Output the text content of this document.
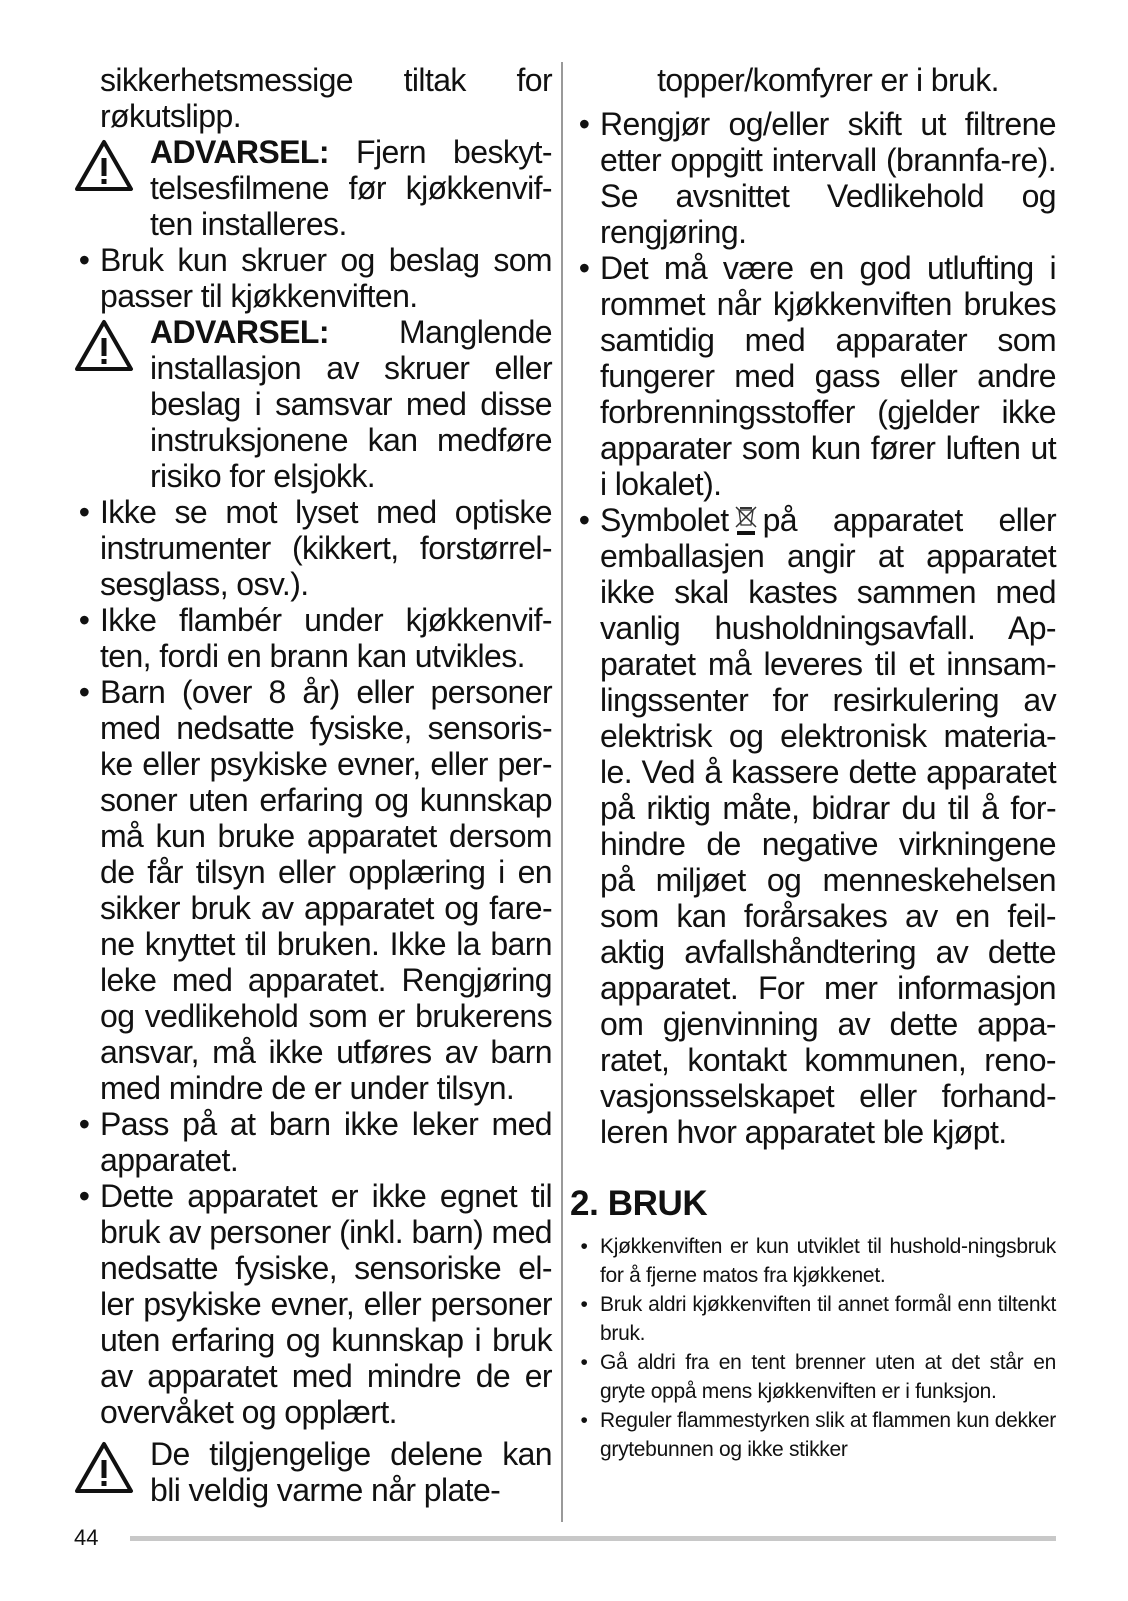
sikkerhetsmessige tiltak for røkutslipp.

ADVARSEL: Fjern beskyt-telsesfilmene før kjøkkenvif-ten installeres.

• Bruk kun skruer og beslag som passer til kjøkkenviften.

ADVARSEL: Manglende installasjon av skruer eller beslag i samsvar med disse instruksjonene kan medføre risiko for elsjokk.

• Ikke se mot lyset med optiske instrumenter (kikkert, forstørrel-sesglass, osv.).
• Ikke flambér under kjøkkenvif-ten, fordi en brann kan utvikles.
• Barn (over 8 år) eller personer med nedsatte fysiske, sensoris-ke eller psykiske evner, eller per-soner uten erfaring og kunnskap må kun bruke apparatet dersom de får tilsyn eller opplæring i en sikker bruk av apparatet og fare-ne knyttet til bruken. Ikke la barn leke med apparatet. Rengjøring og vedlikehold som er brukerens ansvar, må ikke utføres av barn med mindre de er under tilsyn.
• Pass på at barn ikke leker med apparatet.
• Dette apparatet er ikke egnet til bruk av personer (inkl. barn) med nedsatte fysiske, sensoriske el-ler psykiske evner, eller personer uten erfaring og kunnskap i bruk av apparatet med mindre de er overvåket og opplært.

De tilgjengelige delene kan bli veldig varme når plate-

topper/komfyrer er i bruk.

• Rengjør og/eller skift ut filtrene etter oppgitt intervall (brannfa-re). Se avsnittet Vedlikehold og rengjøring.
• Det må være en god utlufting i rommet når kjøkkenviften brukes samtidig med apparater som fungerer med gass eller andre forbrenningsstoffer (gjelder ikke apparater som kun fører luften ut i lokalet).
• Symbolet på apparatet eller emballasjen angir at apparatet ikke skal kastes sammen med vanlig husholdningsavfall. Ap-paratet må leveres til et innsam-lingssenter for resirkulering av elektrisk og elektronisk materia-le. Ved å kassere dette apparatet på riktig måte, bidrar du til å for-hindre de negative virkningene på miljøet og menneskehelsen som kan forårsakes av en feil-aktig avfallshåndtering av dette apparatet. For mer informasjon om gjenvinning av dette appa-ratet, kontakt kommunen, reno-vasjonsselskapet eller forhand-leren hvor apparatet ble kjøpt.
2. BRUK
• Kjøkkenviften er kun utviklet til hushold-ningsbruk for å fjerne matos fra kjøkkenet.
• Bruk aldri kjøkkenviften til annet formål enn tiltenkt bruk.
• Gå aldri fra en tent brenner uten at det står en gryte oppå mens kjøkkenviften er i funksjon.
• Reguler flammestyrken slik at flammen kun dekker grytebunnen og ikke stikker
44
